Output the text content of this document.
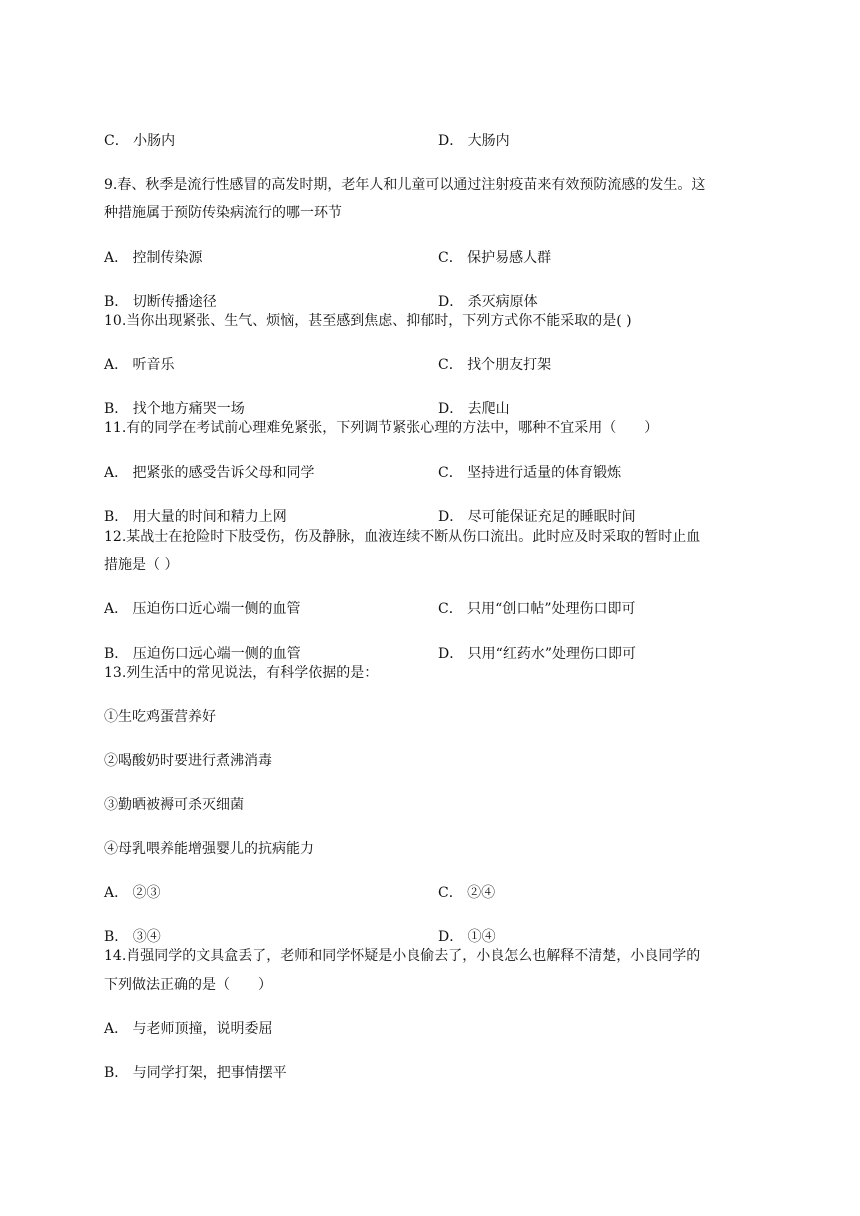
C． 小肠内	D． 大肠内
9.春、秋季是流行性感冒的高发时期，老年人和儿童可以通过注射疫苗来有效预防流感的发生。这
种措施属于预防传染病流行的哪一环节
A． 控制传染源	C． 保护易感人群
B． 切断传播途径	D． 杀灭病原体
10.当你出现紧张、生气、烦恼，甚至感到焦虑、抑郁时，下列方式你不能采取的是( )
A． 听音乐	C． 找个朋友打架
B． 找个地方痛哭一场	D． 去爬山
11.有的同学在考试前心理难免紧张，下列调节紧张心理的方法中，哪种不宜采用（　　）
A． 把紧张的感受告诉父母和同学	C． 坚持进行适量的体育锻炼
B． 用大量的时间和精力上网	D． 尽可能保证充足的睡眠时间
12.某战士在抢险时下肢受伤，伤及静脉，血液连续不断从伤口流出。此时应及时采取的暂时止血
措施是（ ）
A． 压迫伤口近心端一侧的血管	C． 只用“创口帖”处理伤口即可
B． 压迫伤口远心端一侧的血管	D． 只用“红药水”处理伤口即可
13.列生活中的常见说法，有科学依据的是：
①生吃鸡蛋营养好
②喝酸奶时要进行煮沸消毒
③勤晒被褥可杀灭细菌
④母乳喂养能增强婴儿的抗病能力
A． ②③	C． ②④
B． ③④	D． ①④
14.肖强同学的文具盒丢了，老师和同学怀疑是小良偷去了，小良怎么也解释不清楚，小良同学的
下列做法正确的是（　　）
A． 与老师顶撞，说明委屈
B． 与同学打架，把事情摆平
